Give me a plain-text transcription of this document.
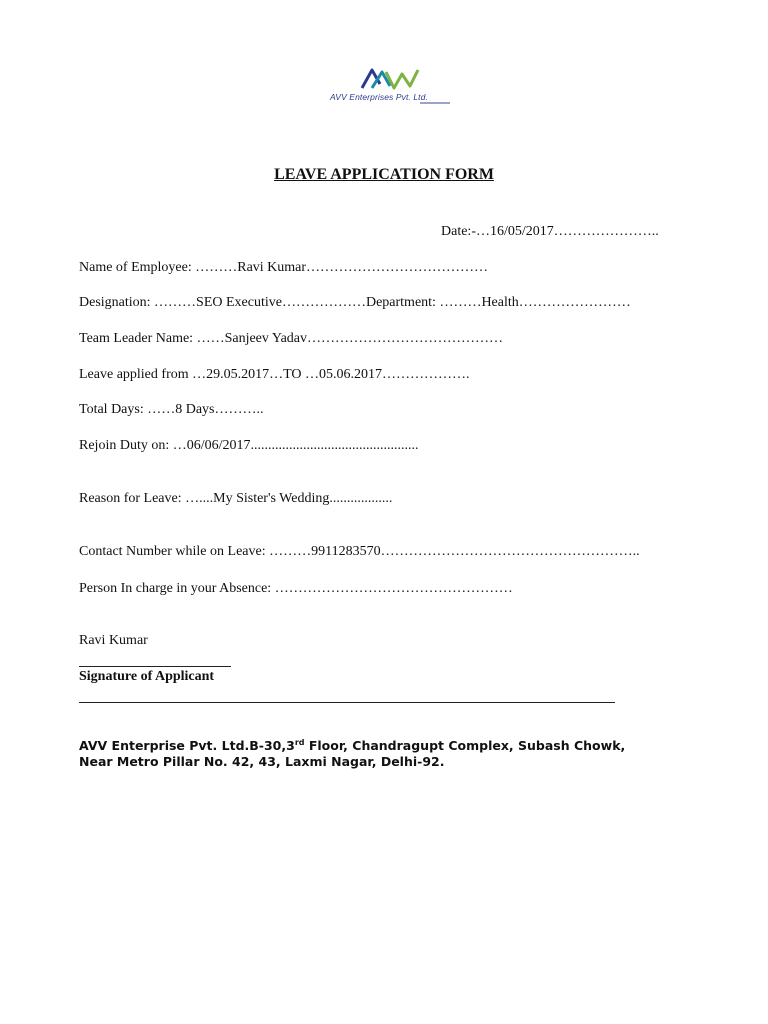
AVV Enterprises Pvt. Ltd.
LEAVE APPLICATION FORM
Date:-…16/05/2017…………………..
Name of Employee: ………Ravi Kumar…………………………………
Designation: ………SEO Executive………………Department: ………Health……………………
Team Leader Name: ……Sanjeev Yadav……………………………………
Leave applied from …29.05.2017…TO …05.06.2017……………….
Total Days: ……8 Days………..
Rejoin Duty on: …06/06/2017................................................
Reason for Leave: …....My Sister's Wedding..................
Contact Number while on Leave: ………9911283570………………………………………………..
Person In charge in your Absence: ……………………………………………
Ravi Kumar
Signature of Applicant
AVV Enterprise Pvt. Ltd.B-30,3rd Floor, Chandragupt Complex, Subash Chowk,
Near Metro Pillar No. 42, 43, Laxmi Nagar, Delhi-92.
